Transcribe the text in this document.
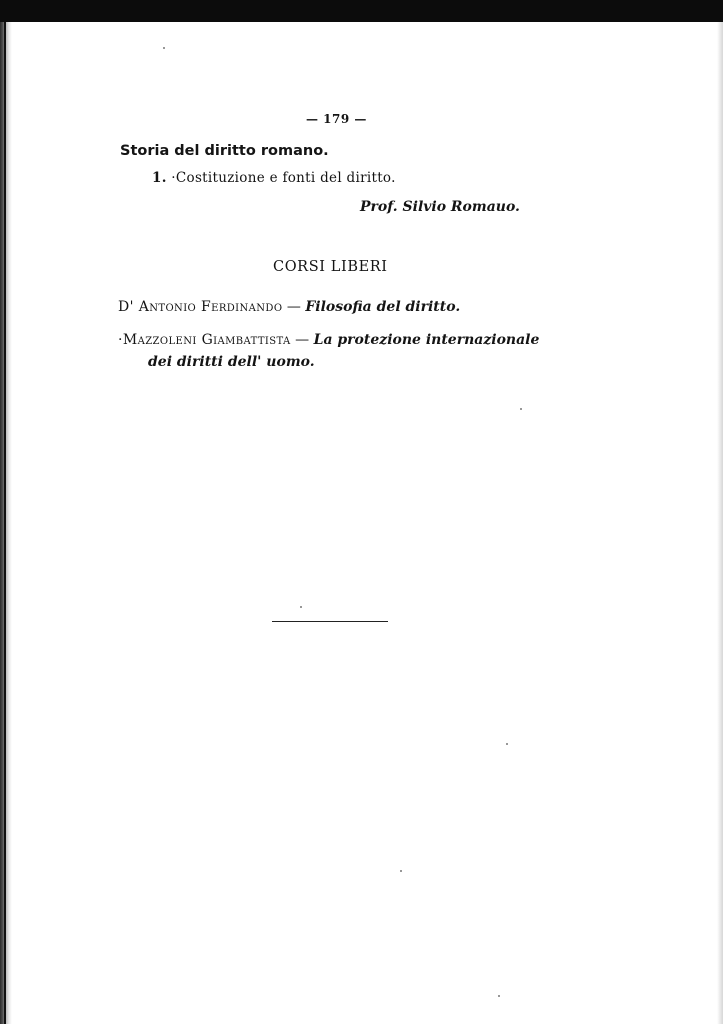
— 179 —
Storia del diritto romano.
1. ·Costituzione e fonti del diritto.
Prof. Silvio Romauo.
CORSI LIBERI
D' Antonio Ferdinando — Filosofia del diritto.
·Mazzoleni Giambattista — La protezione internazionale
dei diritti dell' uomo.
